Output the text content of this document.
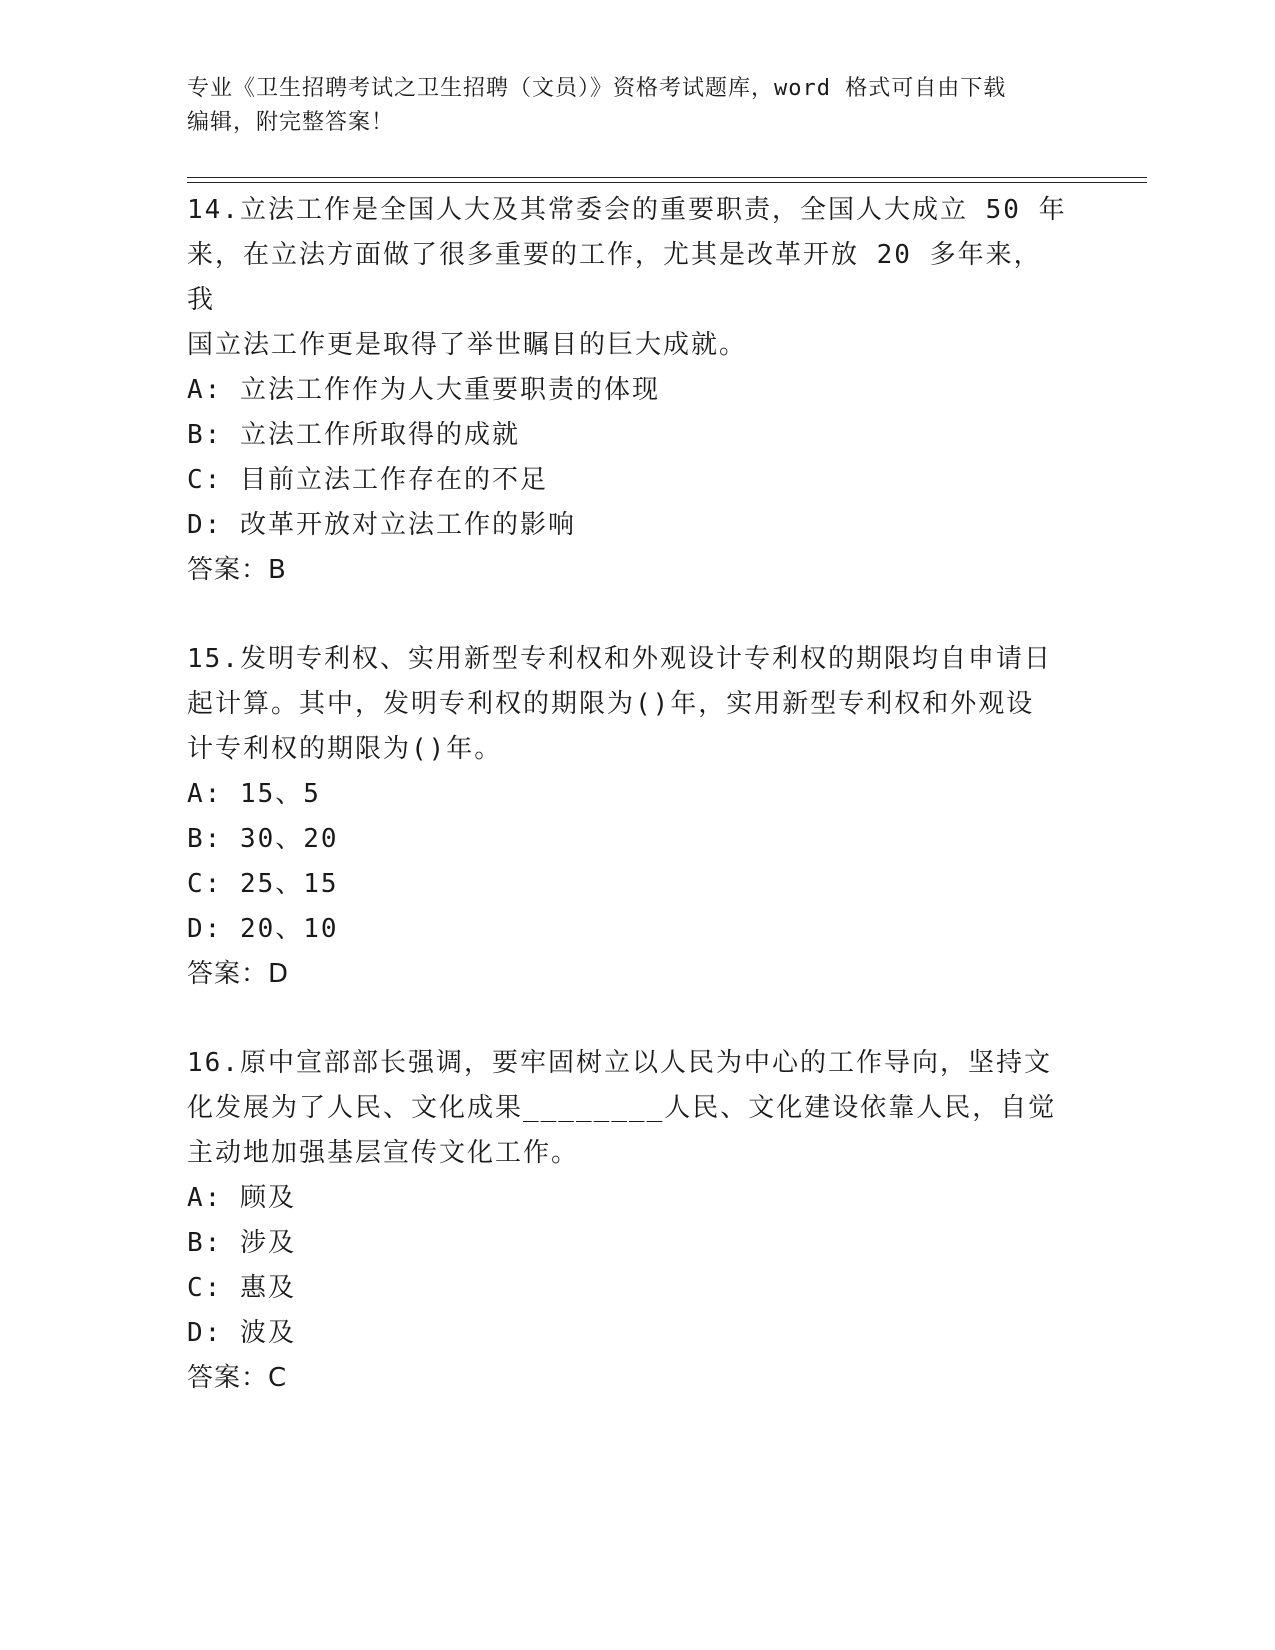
专业《卫生招聘考试之卫生招聘（文员）》资格考试题库，word 格式可自由下载
编辑，附完整答案！

14.立法工作是全国人大及其常委会的重要职责，全国人大成立 50 年

来，在立法方面做了很多重要的工作，尤其是改革开放 20 多年来，我

国立法工作更是取得了举世瞩目的巨大成就。

A: 立法工作作为人大重要职责的体现

B: 立法工作所取得的成就

C: 目前立法工作存在的不足

D: 改革开放对立法工作的影响

答案：B

15.发明专利权、实用新型专利权和外观设计专利权的期限均自申请日

起计算。其中，发明专利权的期限为()年，实用新型专利权和外观设

计专利权的期限为()年。

A: 15、5

B: 30、20

C: 25、15

D: 20、10

答案：D

16.原中宣部部长强调，要牢固树立以人民为中心的工作导向，坚持文

化发展为了人民、文化成果________人民、文化建设依靠人民，自觉

主动地加强基层宣传文化工作。

A: 顾及

B: 涉及

C: 惠及

D: 波及

答案：C
